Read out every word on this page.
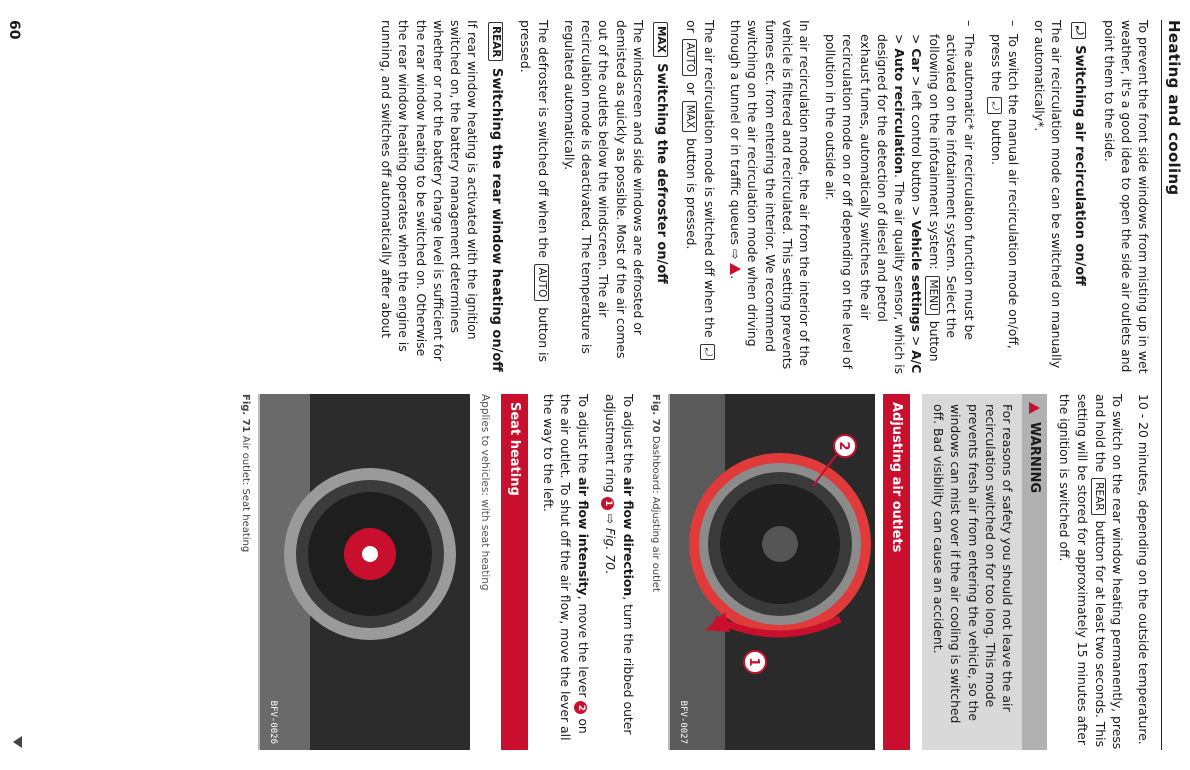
Heating and cooling

To prevent the front side windows from misting up in wet weather, it's a good idea to open the side air outlets and point them to the side.

⤾ Switching air recirculation on/off

The air recirculation mode can be switched on manually or automatically*.

–
To switch the manual air recirculation mode on/off, press the ⤾ button.
–
The automatic* air recirculation function must be activated on the infotainment system. Select the following on the infotainment system: MENU button > Car > left control button > Vehicle settings > A/C > Auto recirculation. The air quality sensor, which is designed for the detection of diesel and petrol exhaust fumes, automatically switches the air recirculation mode on or off depending on the level of pollution in the outside air.

In air recirculation mode, the air from the interior of the vehicle is filtered and recirculated. This setting prevents fumes etc. from entering the interior. We recommend switching on the air recirculation mode when driving through a tunnel or in traffic queues ⇨ .

The air recirculation mode is switched off when the ⤾ or AUTO or MAX button is pressed.

MAX Switching the defroster on/off

The windscreen and side windows are defrosted or demisted as quickly as possible. Most of the air comes out of the outlets below the windscreen. The air recirculation mode is deactivated. The temperature is regulated automatically.

The defroster is switched off when the AUTO button is pressed.

REAR Switching the rear window heating on/off

If rear window heating is activated with the ignition switched on, the battery management determines whether or not the battery charge level is sufficient for the rear window heating to be switched on. Otherwise the rear window heating operates when the engine is running, and switches off automatically after about

10 - 20 minutes, depending on the outside temperature.

To switch on the rear window heating permanently, press and hold the REAR button for at least two seconds. This setting will be stored for approximately 15 minutes after the ignition is switched off.

WARNING
For reasons of safety you should not leave the air recirculation switched on for too long. This mode prevents fresh air from entering the vehicle, so the windows can mist over if the air cooling is switched off. Bad visibility can cause an accident.
Adjusting air outlets
1
2
BFV-0027
Fig. 70 Dashboard: Adjusting air outlet

To adjust the air flow direction, turn the ribbed outer adjustment ring 1 ⇨ Fig. 70.

To adjust the air flow intensity, move the lever 2 on the air outlet. To shut off the air flow, move the lever all the way to the left.

Seat heating
Applies to vehicles: with seat heating
BFV-0026
Fig. 71 Air outlet: Seat heating
60
